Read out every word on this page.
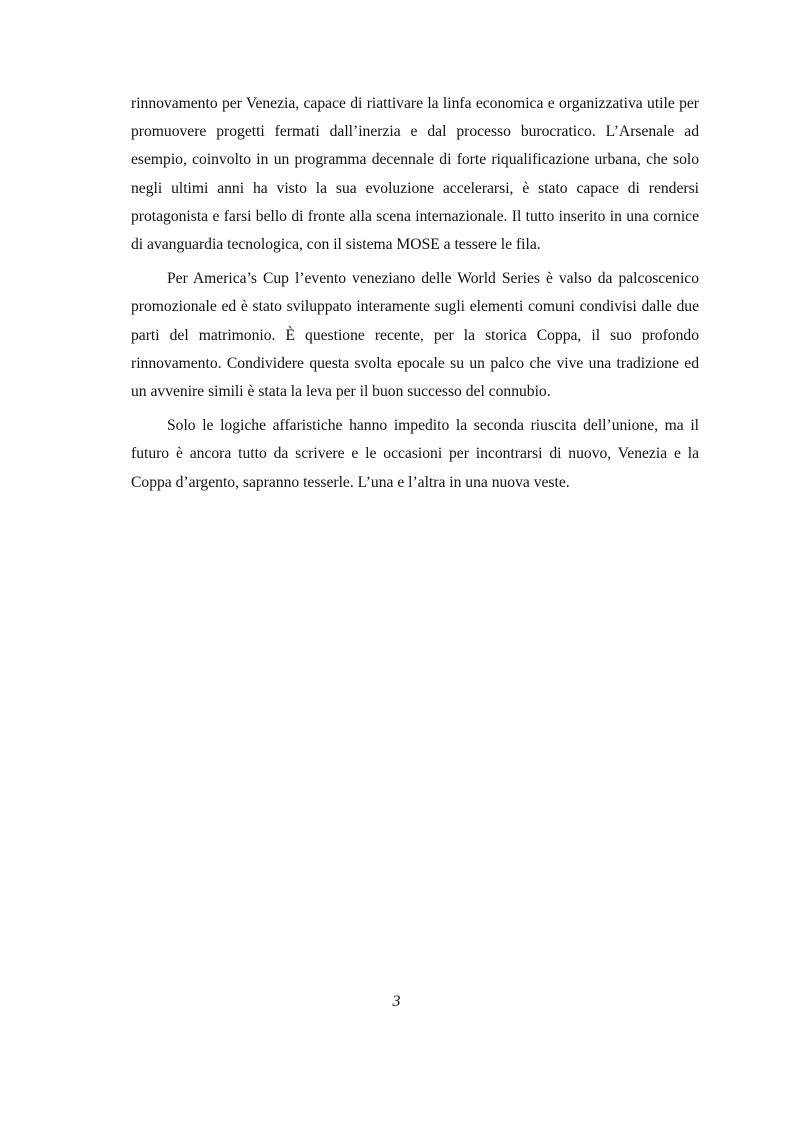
rinnovamento per Venezia, capace di riattivare la linfa economica e organizzativa utile per promuovere progetti fermati dall’inerzia e dal processo burocratico. L’Arsenale ad esempio, coinvolto in un programma decennale di forte riqualificazione urbana, che solo negli ultimi anni ha visto la sua evoluzione accelerarsi, è stato capace di rendersi protagonista e farsi bello di fronte alla scena internazionale. Il tutto inserito in una cornice di avanguardia tecnologica, con il sistema MOSE a tessere le fila.

Per America’s Cup l’evento veneziano delle World Series è valso da palcoscenico promozionale ed è stato sviluppato interamente sugli elementi comuni condivisi dalle due parti del matrimonio. È questione recente, per la storica Coppa, il suo profondo rinnovamento. Condividere questa svolta epocale su un palco che vive una tradizione ed un avvenire simili è stata la leva per il buon successo del connubio.

Solo le logiche affaristiche hanno impedito la seconda riuscita dell’unione, ma il futuro è ancora tutto da scrivere e le occasioni per incontrarsi di nuovo, Venezia e la Coppa d’argento, sapranno tesserle. L’una e l’altra in una nuova veste.

3
